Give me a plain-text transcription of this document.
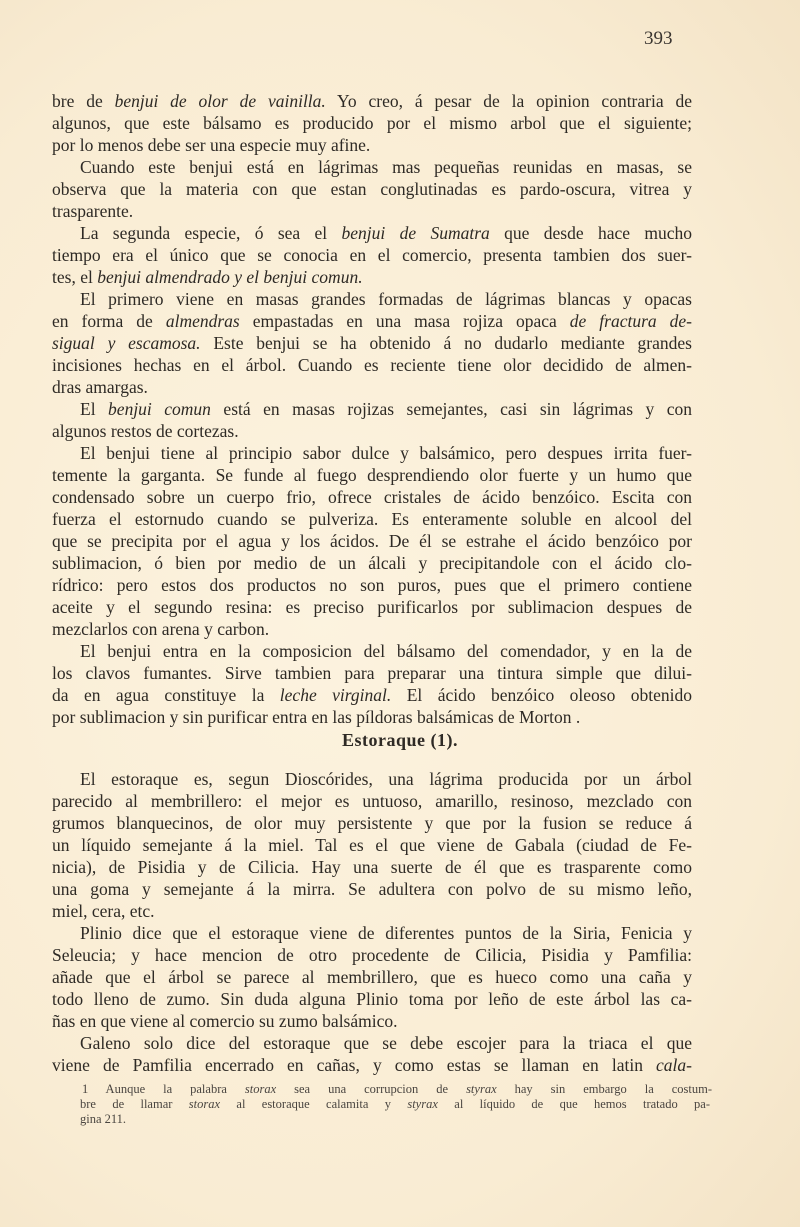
393
bre de benjui de olor de vainilla. Yo creo, á pesar de la opinion contraria de
algunos, que este bálsamo es producido por el mismo arbol que el siguiente;
por lo menos debe ser una especie muy afine.
Cuando este benjui está en lágrimas mas pequeñas reunidas en masas, se
observa que la materia con que estan conglutinadas es pardo-oscura, vitrea y
trasparente.
La segunda especie, ó sea el benjui de Sumatra que desde hace mucho
tiempo era el único que se conocia en el comercio, presenta tambien dos suer-
tes, el benjui almendrado y el benjui comun.
El primero viene en masas grandes formadas de lágrimas blancas y opacas
en forma de almendras empastadas en una masa rojiza opaca de fractura de-
sigual y escamosa. Este benjui se ha obtenido á no dudarlo mediante grandes
incisiones hechas en el árbol. Cuando es reciente tiene olor decidido de almen-
dras amargas.
El benjui comun está en masas rojizas semejantes, casi sin lágrimas y con
algunos restos de cortezas.
El benjui tiene al principio sabor dulce y balsámico, pero despues irrita fuer-
temente la garganta. Se funde al fuego desprendiendo olor fuerte y un humo que
condensado sobre un cuerpo frio, ofrece cristales de ácido benzóico. Escita con
fuerza el estornudo cuando se pulveriza. Es enteramente soluble en alcool del
que se precipita por el agua y los ácidos. De él se estrahe el ácido benzóico por
sublimacion, ó bien por medio de un álcali y precipitandole con el ácido clo-
rídrico: pero estos dos productos no son puros, pues que el primero contiene
aceite y el segundo resina: es preciso purificarlos por sublimacion despues de
mezclarlos con arena y carbon.
El benjui entra en la composicion del bálsamo del comendador, y en la de
los clavos fumantes. Sirve tambien para preparar una tintura simple que dilui-
da en agua constituye la leche virginal. El ácido benzóico oleoso obtenido
por sublimacion y sin purificar entra en las píldoras balsámicas de Morton .
El estoraque es, segun Dioscórides, una lágrima producida por un árbol
parecido al membrillero: el mejor es untuoso, amarillo, resinoso, mezclado con
grumos blanquecinos, de olor muy persistente y que por la fusion se reduce á
un líquido semejante á la miel. Tal es el que viene de Gabala (ciudad de Fe-
nicia), de Pisidia y de Cilicia. Hay una suerte de él que es trasparente como
una goma y semejante á la mirra. Se adultera con polvo de su mismo leño,
miel, cera, etc.
Plinio dice que el estoraque viene de diferentes puntos de la Siria, Fenicia y
Seleucia; y hace mencion de otro procedente de Cilicia, Pisidia y Pamfilia:
añade que el árbol se parece al membrillero, que es hueco como una caña y
todo lleno de zumo. Sin duda alguna Plinio toma por leño de este árbol las ca-
ñas en que viene al comercio su zumo balsámico.
Galeno solo dice del estoraque que se debe escojer para la triaca el que
viene de Pamfilia encerrado en cañas, y como estas se llaman en latin cala-
Estoraque (1).
1 Aunque la palabra storax sea una corrupcion de styrax hay sin embargo la costum-
bre de llamar storax al estoraque calamita y styrax al líquido de que hemos tratado pa-
gina 211.
